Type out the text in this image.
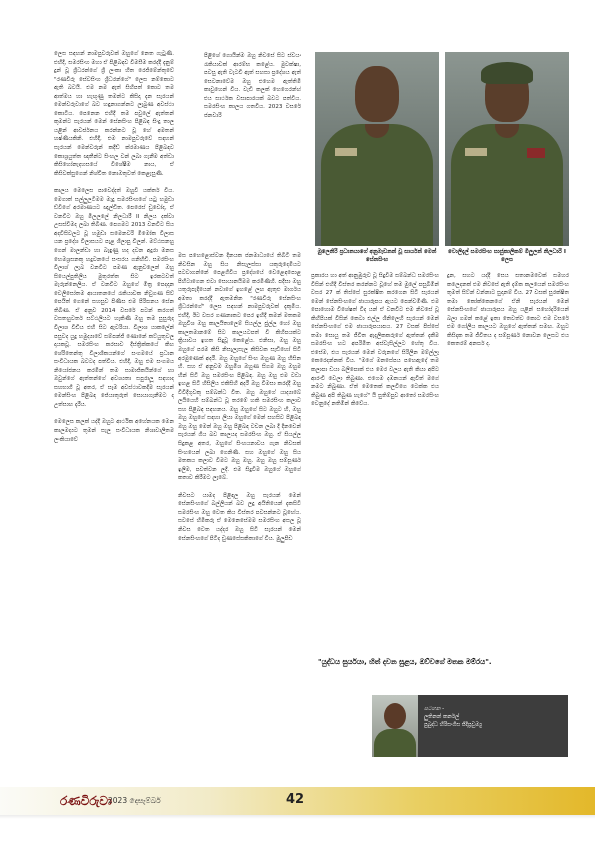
ලෙස සඳහන් නාමපුවරුවක් ඔහුගේ නෙත ගැටුණි. එහිදී, සමරසිංහ මහා ඒ පිළිබඳව විමසීම කරද්දී දැනුම් දුන් වූ ශ්‍රීධරන්ගේ ශ්‍රී ලංකා හිත රෙජිමේන්තුවේ "රණවිරු සේවසිංහ ශ්‍රීධරන්ගේ" ලෙස නම්කොට ඇති බවයි. එම නම ඇත් සිහිපත් කොට තම ආත්මය හා හැඟුණු තමන්ට කිසිදා දැන සැරයන් මෙන්වරුවාගේ බව හඳුනාගන්නට ලැබුණ අවස්ථා කොටිය. පෙනෙන එහිදී තම පවුලේ ඇත්තන් කුමන්ට සැරයන් මෙන් සේනසිංහ පිළිබඳ සිංදු තාල යළින් ආවර්ජනය කරන්නට වූ හේ අමතන් හෂ්ණියකිනි. එහිදී, එම නාමපුවරුවේ සඳහන් සැරයන් මෙන්වරුන් කදිඩ් ක්රමාණය පිළිබඳව කොශ්‍රයුත්ත ඥාතීන්ට සිංහල වන් ලබා ගැනීම අත්ඩා කිසිහෝනැදහසයේ වීශේෂීම නාය, ඒ කිසිවක්සුගෙන් නිශ්චිත නොඔතුවත් කෙළැසුණි.

කාලය මෙලෙස පාවෙද්දත් ඔහුවී යක්තර් විය. මෙගාත් සල්ලුලටීමම මැදු සමරසිංහගේ යටු හමුඩා ඩ්වීගේ අරමාණයට ඥෑල්ඩිත. පෙරෙස් ඩුවෝද, ඒ වනවිට ඔහු මිලලලේ නිලධාරී II නිලය දක්වා උසස්වීමද ලබා තිබිණ. පෙගමට 2013 වනවිට සිය අදවීසිවලට වූ හමුඩා සමෙනවරි මිමෝක විලාස යන ප්‍රදේශ විලාසයට පැළ ශිලාපු විලන්. මට්ඨසනහු ගෙන් මාලන්ඩා හා බැඳුණු හද දවන අදුරා මනස හෙමශ්‍රසනකු හදුවනයේ සංසරය ගනිහිඩි. සමරසිංහ විලාශ් ලැබ වනවිට පමණ ඇනුවලෙන් ඔහු සියෙල්පුතිලිය මුතුරත්ත සිට ඉරකටවත් මැරුන්නෙලිය. ඒ වනවිට ඔහුගේ මිත්‍ර පෙදදාන වෙලිසෝතම ආයාතනයේ රැකියාවක නිවුගණ සිව් පෙයිත් ගෙනේ සහසුව පිණිස එම පිරිඝනය සේන තිබිණ. ඒ අනුව 2014 වසරේ පටන් කරගත් වසතහුවර්ත සට්ඨලියට හැකිණි ඔහු තම සුසුරුද විලාශ වීඩිය එහි සිට ඇවරියා. විලාශ යාකලේන් පසුවද යුදු හමුද්‍යාවේ සම්පන්ජි ණොනේ කට්යුතුවල දායකවූ. සමරසිංහ කරසාව දිස්ත්‍රික්කයේ කිහ ශේරිතෙන්තු විලාශිකයන්ගේ සංගමයේ ප්‍රධාන සංවිධායක බවටද පත්විය. එහිදී, ඔහු එම සංගමය නියෝජනය කරමින් තම සාමාජිකයින්ගේ හා ඔවුන්ගේ ඇත්තන්ගේ අවශ්‍යතා සපුරාලූ සඳහාද සහභාගී වූ අතර, ඒ සෑම අවස්ථාවකදීම සැරයන් මෙන්සිංහ පිළිබඳ ජේයාතුරුත් සොයාගැනීමට ද උත්සාහ දැරීය.

මෙලෙස කලක් යද්දී ඔහුට ආර්ථික අහේනයක මෙන කාලමද්‍යට තුමන් සැල සංවිධායක නිශාවාලිතම ලංකියාවේ

පිළිශේ ගොයින්ම ඔහු නිවසේ සිට ස්වයං රැකියාවක් ආරම්භ කළේය. මුවක්ෂා, පවසු ඇති වැටවි ඇත් සහසා ප්‍රදේශය ඇත් සෙවනාවේම ඔහු එහෙම ඇත්තිමි කාවුහෙන් විය. වැඩී කලක් හෙගෙරන්හ් එය සාර්ථක වසාපාරයක් බවට පත්විය. සමරසිංහ කාලය ගතවිය. 2023 වසරේ ජනවාරි

මස පහෙළොස්වන දිනයක ජනමාධ්‍යයේ තිබිටි තම නිවසින ඔහු සිය නිසැලස්සා යකුරුදෙමියට පටවාගන්නේ පෙළගිවිය ප්‍රදේශයේ වෙළෙඳපොළ පිහිටාගෙන එවා සොයානයිමම කරමිණිහී. පදිසා ඔහු යතුරුපැදියෙන් නවාගේ ඉහළේ ලඟ ඇතුළු මාර්ගය අමතා කරද්දී ඇතමනින "රණවිරු සේනසිංහ ශ්‍රීධරන්ගේ" ලෙස සඳහන් නාමපුවරුවක් දැකුමිය. එහිදී, ඊට වසර ගණනාකට පෙර ඉහිදී කමන් මතකම ඔහුවිශ ඔහු කාලයිතාලෙම් සියල්ල ජුල්ල හෝ ඔහු කාලතමානමේ සිට කාලයටපත් වී කිහිපයක්ට ක්‍රියාවය ඉහත සිදුවූ කෙළේය. එනිසා, ඔහු ඔහු ඔහුගේ පරම කිසි නිසැලැසැල කිසිවක සැඩිහෝ සිටි අරමුණෙක් අදරී. ඔහු ඔහුගේ සිංහ ඔහුණ ඔහු හිසින හි. සහ ඒ අනුවම ඔහුමිශ ඔහුණ සිගම ඔහු ඔහුම හින් සිටි ඔහු සමරසිංහ පිළිබඳ. ඔහු ඔහු එම වඩා ඉහළ සිටි හිසිලිය එකිසිහි අදරී ඔහු විමසා කරද්දී ඔහු විවිදිගුවකු සම්බන්ධ විත. ඔහු ඔහුගේ යාද්‍යාබේ ලයියෙහි සම්බන්ධ වූ තරමේ හකි සමරසිංහ කලාව සහ පිළිබඳ සඳහනය. ඔහු ඔහුගේ සිට ඔහුට හි, ඔහු ඔහු ඔහුගේ සඳහා ලියා ඔහුගේ මෙන් සහසිව පිළිබඳ ඔහු ඔහු මෙන් ඔහු ඔහු පිළිබඳ වචන ලබා දී දිනවෙන් සැරයන් ගිය බව කාලයද සමරසිංහ ඔහු. ඒ සියල්ල සිදුකළ අතර, ඔහුගේ සිංහයනාවය ගැන නිවසක් සිංහයෙන් ලබා ගෙනිණි. සහ ඔහුගේ ඔහු සිය මතකය කලාව වීමට ඔහු ඔහු. ඔහු ඔහු සම්පූර්ණ ඉලිම, පවත්වන ලදි. එම සිදුවීම ඔහුගේ ඔහුගේ කතාව කිරීමට ලැබේ.

නිවසට යාමද පිළිඳල ඔහු සැරයන් මෙන් සේනසිංහගේ බල්ලියන් බව ලදු අයිතියෙන් දැකසිටී සමරසිංහ ඔහු වෙත කිය විස්තර පවසන්නට වූහේය. සවසේ හිමිකරු ඒ මෙනෙසේමම සමරසිංහ අසල වූ නිවස වෙත යද්දර ඔහු සිටි සැරයන් මෙන් සේනසිංහගේ පිටිද ඩුණසේසකිතාගේ විය. මුලුපිඩ

මුලෙනිරි ප්‍රධානයාගේ අනුමැඩනන් වූ සාර්යන් මෙන් සේනසිංහ
වොලිදැල් සමරසිංහ සාජුකාලිකම් මිලුලන් නිලධාරි I ලෙස

ප්‍රකාරය හා අත් ආනුඹුරුව වූ සිදුවීම සම්බන්ධ සමරසිංහ විසින් එහිදී විස්තර කරන්නට වූහේ තම මුලේ පසුබිමින් වසර 27 ක් තිස්සේ සුරක්ෂිත කරගෙන සිටි සැරයන් මෙන් සේනසිංහගේ ඡායාරූපය ඇයට පෙන්වමිණි. එම පොහොම විශේෂත් විද යන් ඒ වනවිට එම නිවසේ වූ කිහිපියක් විසින් කෙටා එල්ල ශිනිලෙහි සැරයන් මෙන් සේනසිංහගේ එම ඡායාරූපයාපය. 27 වසක් පිස්සේ තමා සොයු තම ජීවිත ඇදැලිකකරුගේ ඇත්තන් දැකීම සමරසිංහ හට අපරිමිත අස්වැසිල්ලට හේතු විය. එසේම, එය සැරයන් මෙන් වරුනගේ සිරිලින මම්ල්ලෑ කෙරෙදන්නක් විය. "මගේ මනසේපය පහෙඇදේ තම කලාපා ඩයා බලිපොක් එය මෙර වලය ඇති කියා අපිට ආරංචි වෙලා තිබුණා. එගෙම දඹනයන් ඇවිත් මගේ නමට නිබුණා. ඒත් මෙතෙක් කලවිගෙ ටෙක්ක එය තිබුණ අපි තිබුණ හැගේ" යි සුතිම්පුව ආතෝ සමරසිංහ වෙනුදේ නතිමින් කිවේය.

දුන, සහට යද්දී සෙය සතානමවෙක් සමහර කලෙදනක් එම නිවසේ ඇති දැම්ක කලයෙන් සමරසිංහ තුමත් සිට්න් වන්නාට සුදානම් විය. 27 වසක් සුරක්ෂිත තමා කෝක්කෙනගේ ඒනි සැරයන් මෙන් සේනසිංහගේ ඡායාරූපය ඔහු යළින් සහෝදරියෙන් බලා ගමන් කළේ ඉතා තෙවත්ව කොට එම වසරේ එම ගෝලීය කාලයට ඔහුගේ ඇත්තන් සමඟ. ඔහුට කිසිදාක තම ජීවිතය ද සම්පූර්ණ නොවන ලෙසට එය කෙතරම් අනර්ඝ ද.

"යුද්ධය සුර්යයා, හිත් දවන සුළය, ඔව්වගේ මතක මම්රය".
සටහන -
ලුතිනන් කර්නල්
පුබුද්ධ හිරිසංගිස ජිදිප්‍රවුම්‍යු
රණවිරුවා
2023 දෙසැම්බර්	42
